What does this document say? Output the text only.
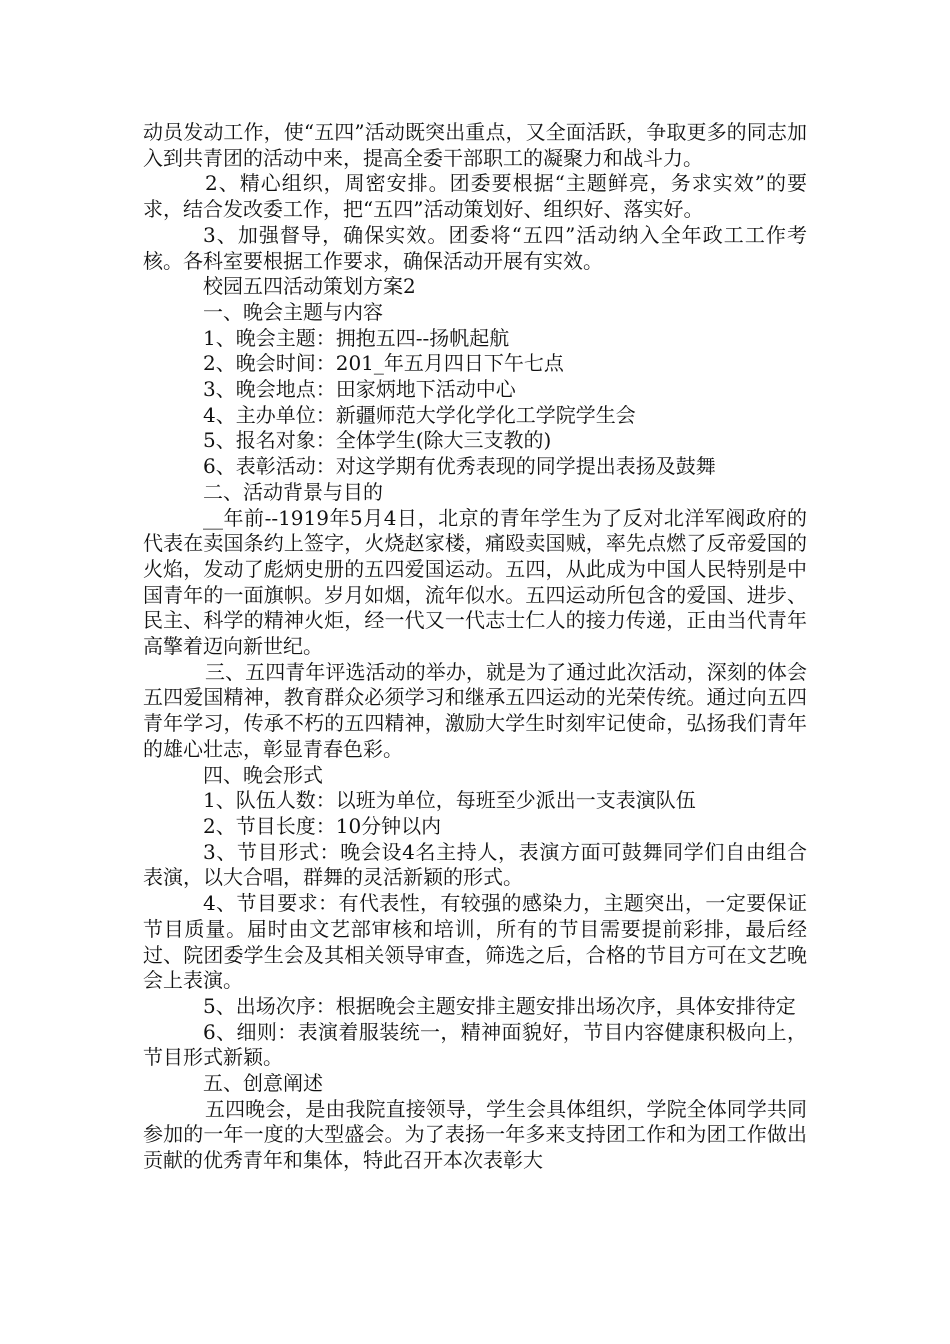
动员发动工作，使“五四”活动既突出重点，又全面活跃，争取更多的同志加入到共青团的活动中来，提高全委干部职工的凝聚力和战斗力。

2、精心组织，周密安排。团委要根据“主题鲜亮，务求实效”的要求，结合发改委工作，把“五四”活动策划好、组织好、落实好。

3、加强督导，确保实效。团委将“五四”活动纳入全年政工工作考核。各科室要根据工作要求，确保活动开展有实效。

校园五四活动策划方案2

一、晚会主题与内容

1、晚会主题：拥抱五四--扬帆起航

2、晚会时间：201_年五月四日下午七点

3、晚会地点：田家炳地下活动中心

4、主办单位：新疆师范大学化学化工学院学生会

5、报名对象：全体学生(除大三支教的)

6、表彰活动：对这学期有优秀表现的同学提出表扬及鼓舞

二、活动背景与目的

__年前--1919年5月4日，北京的青年学生为了反对北洋军阀政府的代表在卖国条约上签字，火烧赵家楼，痛殴卖国贼，率先点燃了反帝爱国的火焰，发动了彪炳史册的五四爱国运动。五四，从此成为中国人民特别是中国青年的一面旗帜。岁月如烟，流年似水。五四运动所包含的爱国、进步、民主、科学的精神火炬，经一代又一代志士仁人的接力传递，正由当代青年高擎着迈向新世纪。

三、五四青年评选活动的举办，就是为了通过此次活动，深刻的体会五四爱国精神，教育群众必须学习和继承五四运动的光荣传统。通过向五四青年学习，传承不朽的五四精神，激励大学生时刻牢记使命，弘扬我们青年的雄心壮志，彰显青春色彩。

四、晚会形式

1、队伍人数：以班为单位，每班至少派出一支表演队伍

2、节目长度：10分钟以内

3、节目形式：晚会设4名主持人，表演方面可鼓舞同学们自由组合表演，以大合唱，群舞的灵活新颖的形式。

4、节目要求：有代表性，有较强的感染力，主题突出，一定要保证节目质量。届时由文艺部审核和培训，所有的节目需要提前彩排，最后经过、院团委学生会及其相关领导审查，筛选之后，合格的节目方可在文艺晚会上表演。

5、出场次序：根据晚会主题安排主题安排出场次序，具体安排待定

6、细则：表演着服装统一，精神面貌好，节目内容健康积极向上，节目形式新颖。

五、创意阐述

五四晚会，是由我院直接领导，学生会具体组织，学院全体同学共同参加的一年一度的大型盛会。为了表扬一年多来支持团工作和为团工作做出贡献的优秀青年和集体，特此召开本次表彰大
